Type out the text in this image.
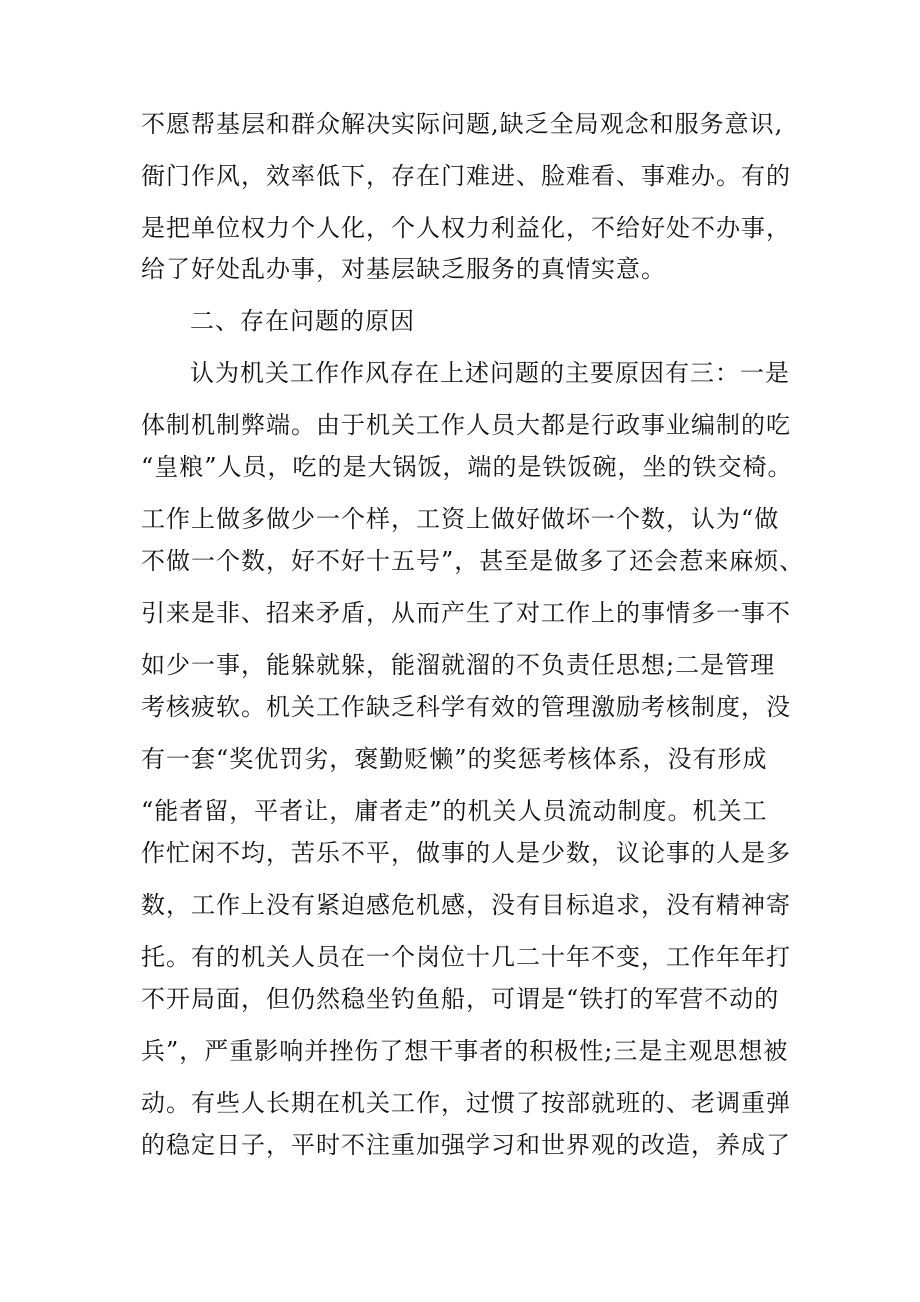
不愿帮基层和群众解决实际问题,缺乏全局观念和服务意识,

衙门作风，效率低下，存在门难进、脸难看、事难办。有的

是把单位权力个人化，个人权力利益化，不给好处不办事，

给了好处乱办事，对基层缺乏服务的真情实意。

二、存在问题的原因

认为机关工作作风存在上述问题的主要原因有三：一是

体制机制弊端。由于机关工作人员大都是行政事业编制的吃

“皇粮”人员，吃的是大锅饭，端的是铁饭碗，坐的铁交椅。

工作上做多做少一个样，工资上做好做坏一个数，认为“做

不做一个数，好不好十五号”，甚至是做多了还会惹来麻烦、

引来是非、招来矛盾，从而产生了对工作上的事情多一事不

如少一事，能躲就躲，能溜就溜的不负责任思想;二是管理

考核疲软。机关工作缺乏科学有效的管理激励考核制度，没

有一套“奖优罚劣，褒勤贬懒”的奖惩考核体系，没有形成

“能者留，平者让，庸者走”的机关人员流动制度。机关工

作忙闲不均，苦乐不平，做事的人是少数，议论事的人是多

数，工作上没有紧迫感危机感，没有目标追求，没有精神寄

托。有的机关人员在一个岗位十几二十年不变，工作年年打

不开局面，但仍然稳坐钓鱼船，可谓是“铁打的军营不动的

兵”，严重影响并挫伤了想干事者的积极性;三是主观思想被

动。有些人长期在机关工作，过惯了按部就班的、老调重弹

的稳定日子，平时不注重加强学习和世界观的改造，养成了
